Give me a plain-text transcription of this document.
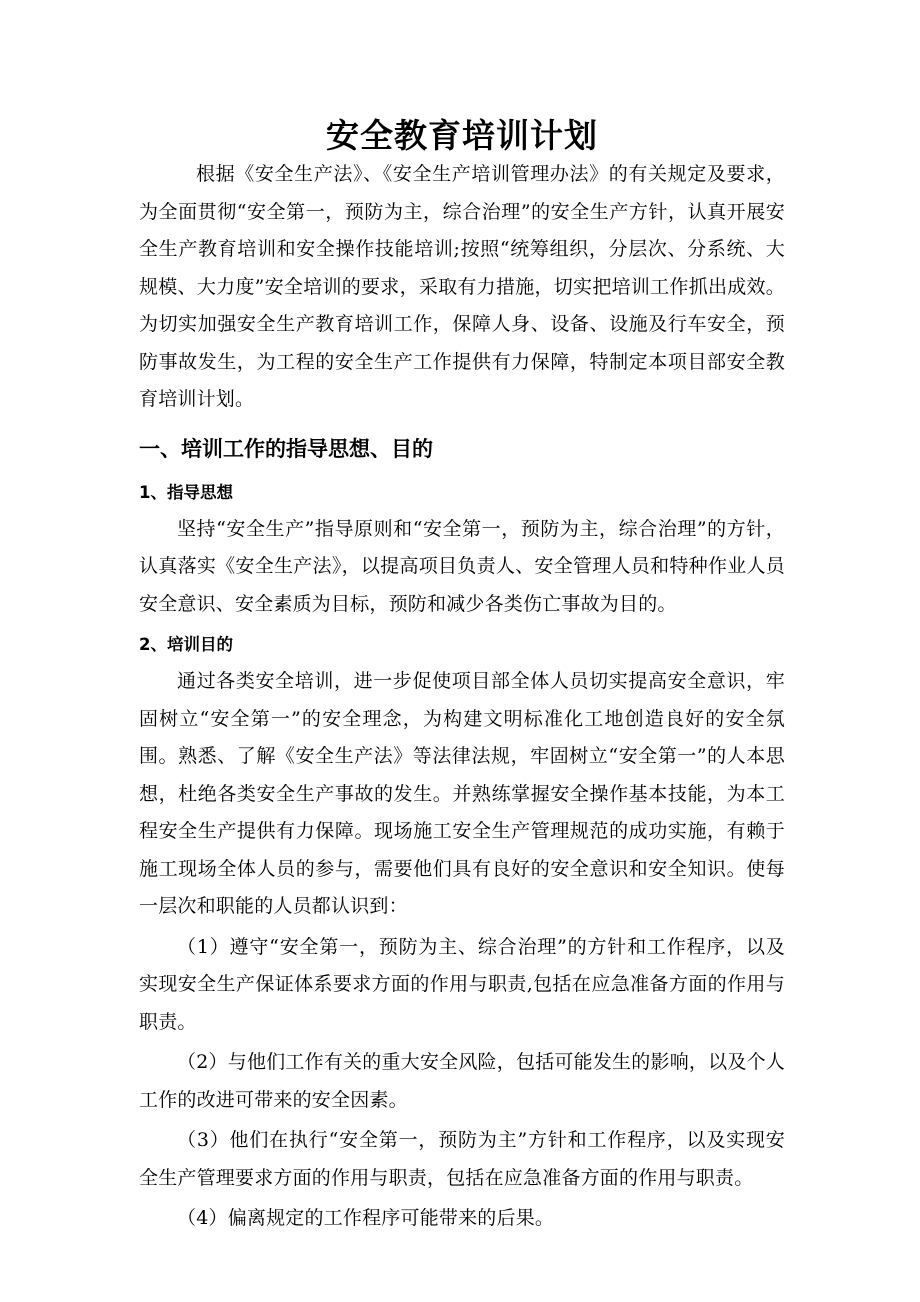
安全教育培训计划

根据《安全生产法》、《安全生产培训管理办法》的有关规定及要求，为全面贯彻“安全第一，预防为主，综合治理”的安全生产方针，认真开展安全生产教育培训和安全操作技能培训;按照“统筹组织，分层次、分系统、大规模、大力度”安全培训的要求，采取有力措施，切实把培训工作抓出成效。为切实加强安全生产教育培训工作，保障人身、设备、设施及行车安全，预防事故发生，为工程的安全生产工作提供有力保障，特制定本项目部安全教育培训计划。

一、培训工作的指导思想、目的
1、指导思想

坚持“安全生产”指导原则和“安全第一，预防为主，综合治理”的方针，认真落实《安全生产法》，以提高项目负责人、安全管理人员和特种作业人员安全意识、安全素质为目标，预防和减少各类伤亡事故为目的。

2、培训目的

通过各类安全培训，进一步促使项目部全体人员切实提高安全意识，牢固树立“安全第一”的安全理念，为构建文明标准化工地创造良好的安全氛围。熟悉、了解《安全生产法》等法律法规，牢固树立“安全第一”的人本思想，杜绝各类安全生产事故的发生。并熟练掌握安全操作基本技能，为本工程安全生产提供有力保障。现场施工安全生产管理规范的成功实施，有赖于施工现场全体人员的参与，需要他们具有良好的安全意识和安全知识。使每一层次和职能的人员都认识到：

（1）遵守“安全第一，预防为主、综合治理”的方针和工作程序，以及实现安全生产保证体系要求方面的作用与职责,包括在应急准备方面的作用与职责。

（2）与他们工作有关的重大安全风险，包括可能发生的影响，以及个人工作的改进可带来的安全因素。

（3）他们在执行“安全第一，预防为主”方针和工作程序，以及实现安全生产管理要求方面的作用与职责，包括在应急准备方面的作用与职责。

（4）偏离规定的工作程序可能带来的后果。
